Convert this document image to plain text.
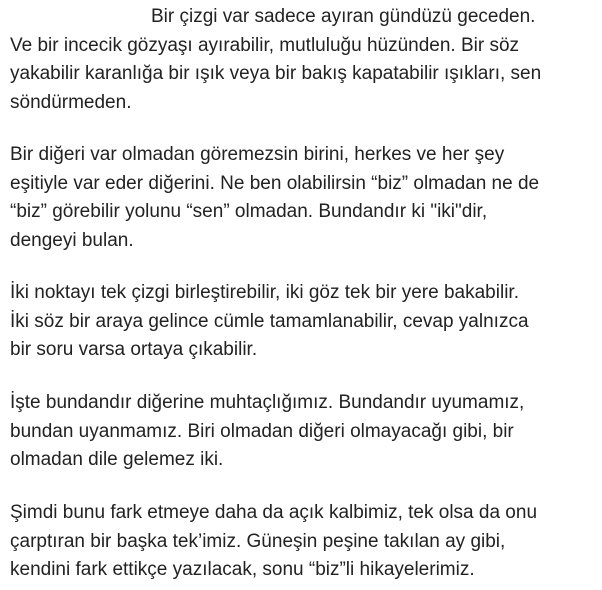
Bir çizgi var sadece ayıran gündüzü geceden.
Ve bir incecik gözyaşı ayırabilir, mutluluğu hüzünden. Bir söz
yakabilir karanlığa bir ışık veya bir bakış kapatabilir ışıkları, sen
söndürmeden.

Bir diğeri var olmadan göremezsin birini, herkes ve her şey
eşitiyle var eder diğerini. Ne ben olabilirsin “biz” olmadan ne de
“biz” görebilir yolunu “sen” olmadan. Bundandır ki "iki"dir,
dengeyi bulan.

İki noktayı tek çizgi birleştirebilir, iki göz tek bir yere bakabilir.
İki söz bir araya gelince cümle tamamlanabilir, cevap yalnızca
bir soru varsa ortaya çıkabilir.

İşte bundandır diğerine muhtaçlığımız. Bundandır uyumamız,
bundan uyanmamız. Biri olmadan diğeri olmayacağı gibi, bir
olmadan dile gelemez iki.

Şimdi bunu fark etmeye daha da açık kalbimiz, tek olsa da onu
çarptıran bir başka tek’imiz. Güneşin peşine takılan ay gibi,
kendini fark ettikçe yazılacak, sonu “biz”li hikayelerimiz.
